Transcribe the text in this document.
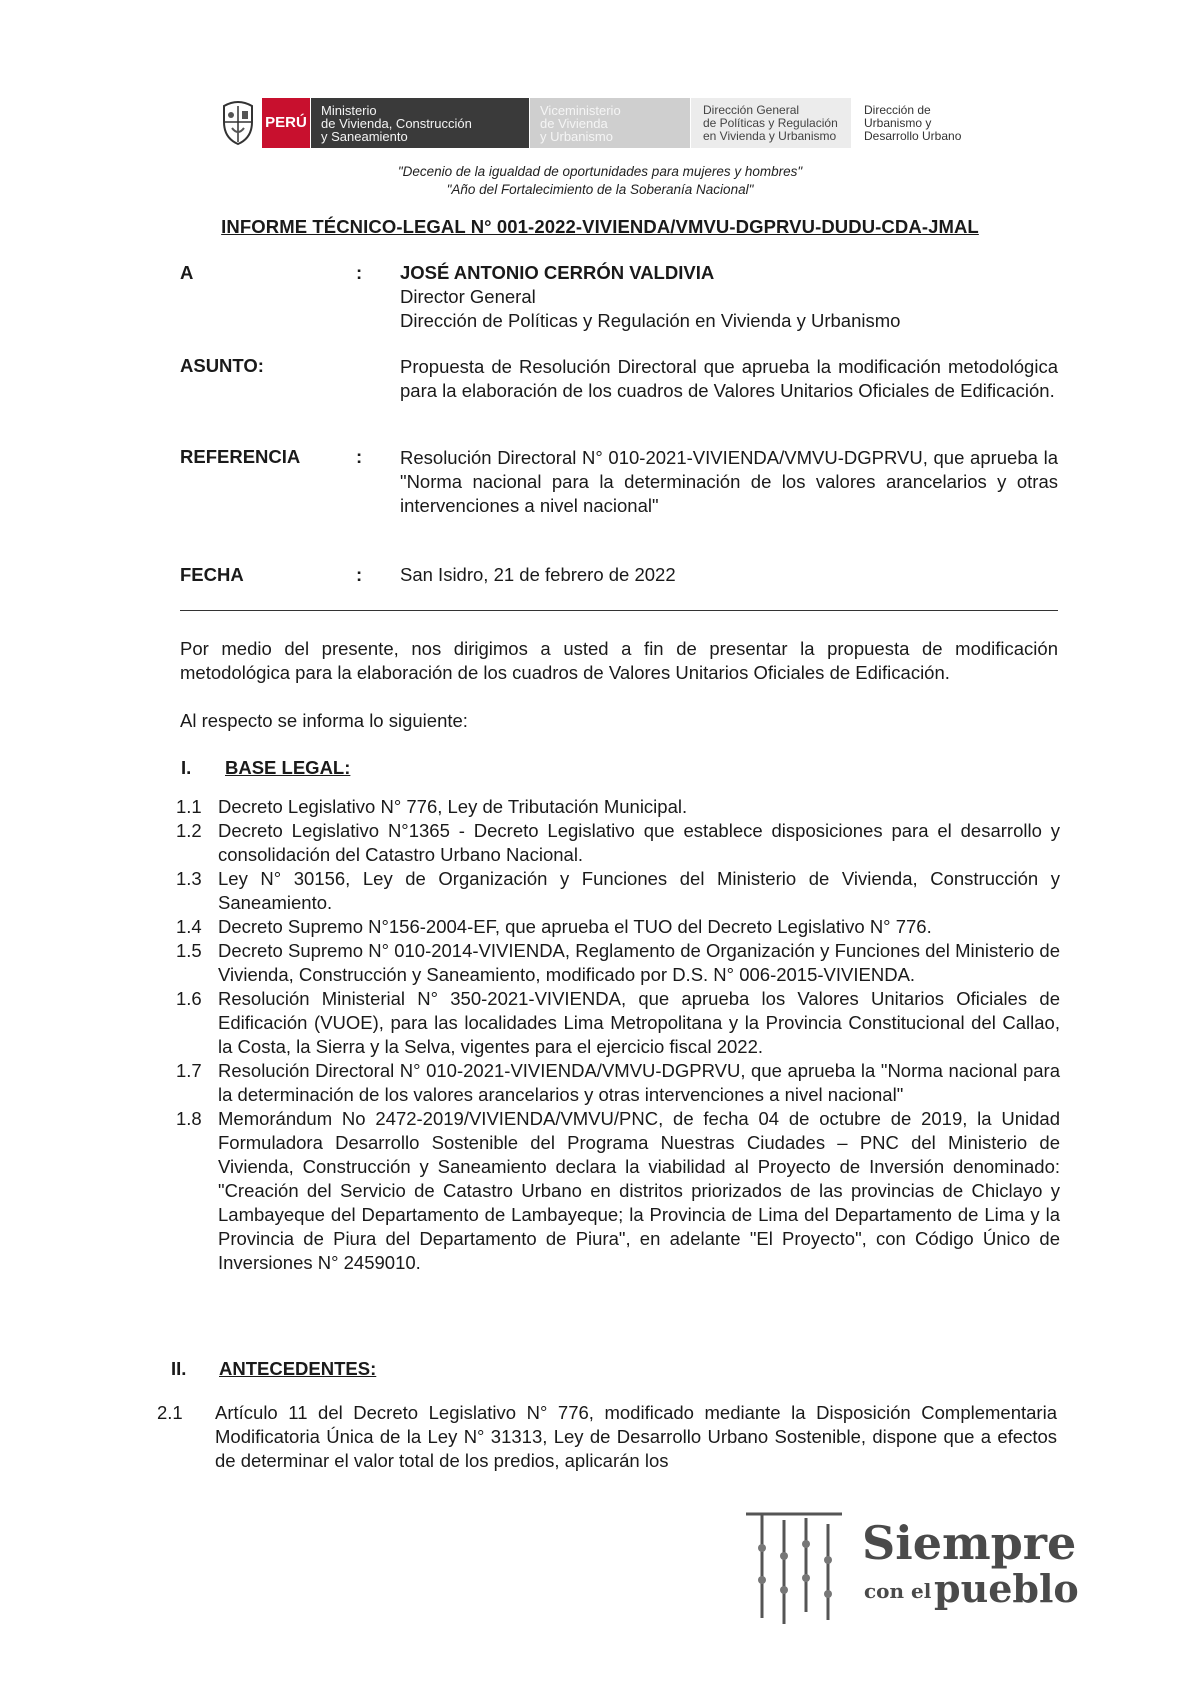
PERÚ
Ministerio
de Vivienda, Construcción
y Saneamiento
Viceministerio
de Vivienda
y Urbanismo
Dirección General
de Políticas y Regulación
en Vivienda y Urbanismo
Dirección de
Urbanismo y
Desarrollo Urbano
"Decenio de la igualdad de oportunidades para mujeres y hombres"
"Año del Fortalecimiento de la Soberanía Nacional"
INFORME TÉCNICO-LEGAL N° 001-2022-VIVIENDA/VMVU-DGPRVU-DUDU-CDA-JMAL
A	: JOSÉ ANTONIO CERRÓN VALDIVIA
Director General
Dirección de Políticas y Regulación en Vivienda y Urbanismo
ASUNTO:	Propuesta de Resolución Directoral que aprueba la modificación metodológica para la elaboración de los cuadros de Valores Unitarios Oficiales de Edificación.
REFERENCIA	: Resolución Directoral N° 010-2021-VIVIENDA/VMVU-DGPRVU, que aprueba la "Norma nacional para la determinación de los valores arancelarios y otras intervenciones a nivel nacional"
FECHA	: San Isidro, 21 de febrero de 2022
Por medio del presente, nos dirigimos a usted a fin de presentar la propuesta de modificación metodológica para la elaboración de los cuadros de Valores Unitarios Oficiales de Edificación.
Al respecto se informa lo siguiente:
I. BASE LEGAL:
1.1 Decreto Legislativo N° 776, Ley de Tributación Municipal.
1.2 Decreto Legislativo N°1365 - Decreto Legislativo que establece disposiciones para el desarrollo y consolidación del Catastro Urbano Nacional.
1.3 Ley N° 30156, Ley de Organización y Funciones del Ministerio de Vivienda, Construcción y Saneamiento.
1.4 Decreto Supremo N°156-2004-EF, que aprueba el TUO del Decreto Legislativo N° 776.
1.5 Decreto Supremo N° 010-2014-VIVIENDA, Reglamento de Organización y Funciones del Ministerio de Vivienda, Construcción y Saneamiento, modificado por D.S. N° 006-2015-VIVIENDA.
1.6 Resolución Ministerial N° 350-2021-VIVIENDA, que aprueba los Valores Unitarios Oficiales de Edificación (VUOE), para las localidades Lima Metropolitana y la Provincia Constitucional del Callao, la Costa, la Sierra y la Selva, vigentes para el ejercicio fiscal 2022.
1.7 Resolución Directoral N° 010-2021-VIVIENDA/VMVU-DGPRVU, que aprueba la "Norma nacional para la determinación de los valores arancelarios y otras intervenciones a nivel nacional"
1.8 Memorándum No 2472-2019/VIVIENDA/VMVU/PNC, de fecha 04 de octubre de 2019, la Unidad Formuladora Desarrollo Sostenible del Programa Nuestras Ciudades – PNC del Ministerio de Vivienda, Construcción y Saneamiento declara la viabilidad al Proyecto de Inversión denominado: "Creación del Servicio de Catastro Urbano en distritos priorizados de las provincias de Chiclayo y Lambayeque del Departamento de Lambayeque; la Provincia de Lima del Departamento de Lima y la Provincia de Piura del Departamento de Piura", en adelante "El Proyecto", con Código Único de Inversiones N° 2459010.
II. ANTECEDENTES:
2.1 Artículo 11 del Decreto Legislativo N° 776, modificado mediante la Disposición Complementaria Modificatoria Única de la Ley N° 31313, Ley de Desarrollo Urbano Sostenible, dispone que a efectos de determinar el valor total de los predios, aplicarán los
Siempre
con el pueblo
